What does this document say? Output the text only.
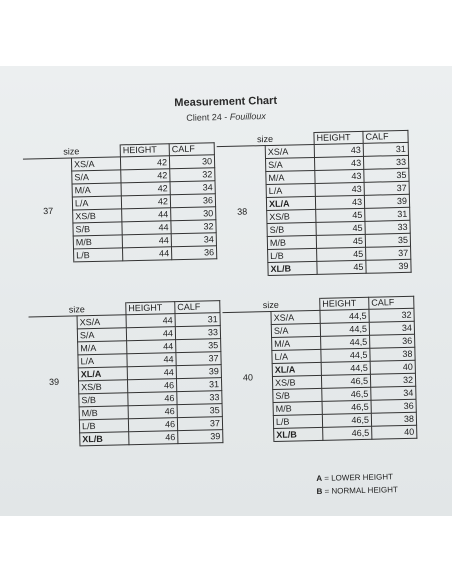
Measurement Chart
Client 24 - Fouilloux
size		HEIGHT	CALF
37	XS/A	42	30
	S/A	42	32
	M/A	42	34
	L/A	42	36
	XS/B	44	30
	S/B	44	32
	M/B	44	34
	L/B	44	36
size		HEIGHT	CALF
38	XS/A	43	31
	S/A	43	33
	M/A	43	35
	L/A	43	37
	XL/A	43	39
	XS/B	45	31
	S/B	45	33
	M/B	45	35
	L/B	45	37
	XL/B	45	39
size		HEIGHT	CALF
39	XS/A	44	31
	S/A	44	33
	M/A	44	35
	L/A	44	37
	XL/A	44	39
	XS/B	46	31
	S/B	46	33
	M/B	46	35
	L/B	46	37
	XL/B	46	39
size		HEIGHT	CALF
40	XS/A	44,5	32
	S/A	44,5	34
	M/A	44,5	36
	L/A	44,5	38
	XL/A	44,5	40
	XS/B	46,5	32
	S/B	46,5	34
	M/B	46,5	36
	L/B	46,5	38
	XL/B	46,5	40
A = LOWER HEIGHT
B = NORMAL HEIGHT
